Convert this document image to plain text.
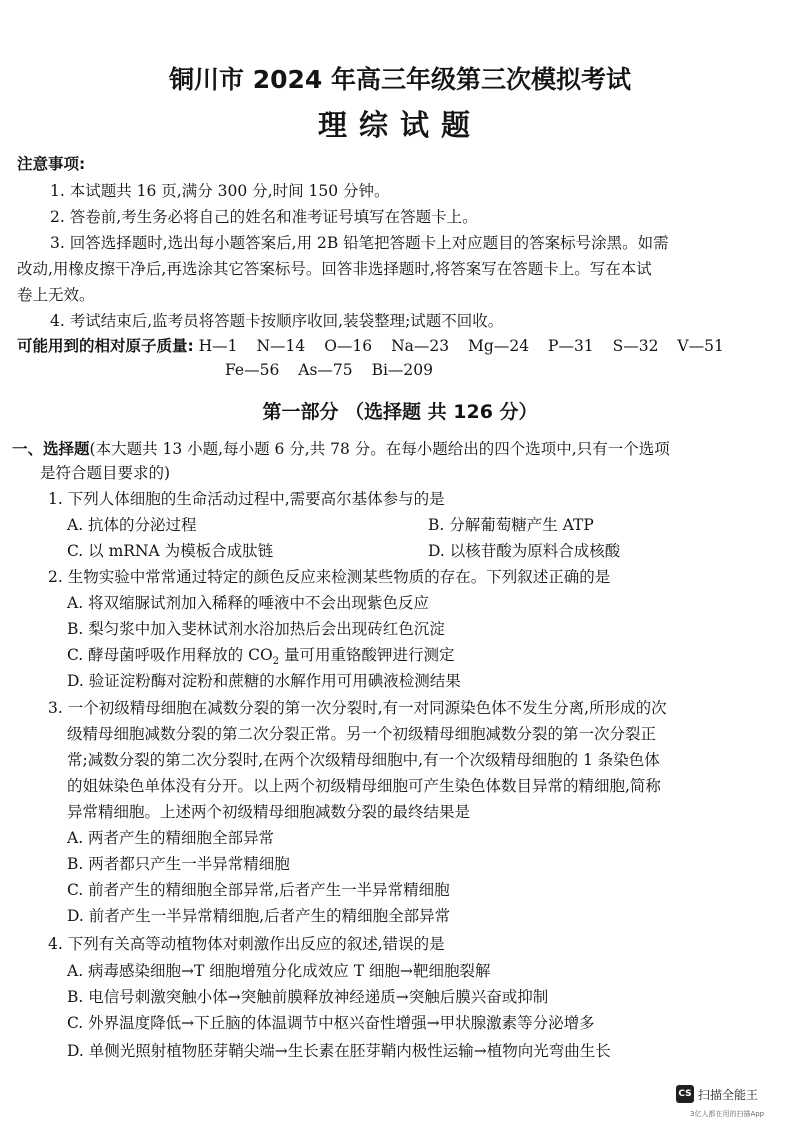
铜川市 2024 年高三年级第三次模拟考试
理综试题
注意事项:
1. 本试题共 16 页,满分 300 分,时间 150 分钟。
2. 答卷前,考生务必将自己的姓名和准考证号填写在答题卡上。
3. 回答选择题时,选出每小题答案后,用 2B 铅笔把答题卡上对应题目的答案标号涂黑。如需
改动,用橡皮擦干净后,再选涂其它答案标号。回答非选择题时,将答案写在答题卡上。写在本试
卷上无效。
4. 考试结束后,监考员将答题卡按顺序收回,装袋整理;试题不回收。
可能用到的相对原子质量: H—1 N—14 O—16 Na—23 Mg—24 P—31 S—32 V—51
Fe—56 As—75 Bi—209
第一部分 （选择题 共 126 分）
一、选择题(本大题共 13 小题,每小题 6 分,共 78 分。在每小题给出的四个选项中,只有一个选项
是符合题目要求的)
1. 下列人体细胞的生命活动过程中,需要高尔基体参与的是
A. 抗体的分泌过程	B. 分解葡萄糖产生 ATP
C. 以 mRNA 为模板合成肽链	D. 以核苷酸为原料合成核酸
2. 生物实验中常常通过特定的颜色反应来检测某些物质的存在。下列叙述正确的是
A. 将双缩脲试剂加入稀释的唾液中不会出现紫色反应
B. 梨匀浆中加入斐林试剂水浴加热后会出现砖红色沉淀
C. 酵母菌呼吸作用释放的 $CO_2$ 量可用重铬酸钾进行测定
D. 验证淀粉酶对淀粉和蔗糖的水解作用可用碘液检测结果
3. 一个初级精母细胞在减数分裂的第一次分裂时,有一对同源染色体不发生分离,所形成的次
级精母细胞减数分裂的第二次分裂正常。另一个初级精母细胞减数分裂的第一次分裂正
常;减数分裂的第二次分裂时,在两个次级精母细胞中,有一个次级精母细胞的 1 条染色体
的姐妹染色单体没有分开。以上两个初级精母细胞可产生染色体数目异常的精细胞,简称
异常精细胞。上述两个初级精母细胞减数分裂的最终结果是
A. 两者产生的精细胞全部异常
B. 两者都只产生一半异常精细胞
C. 前者产生的精细胞全部异常,后者产生一半异常精细胞
D. 前者产生一半异常精细胞,后者产生的精细胞全部异常
4. 下列有关高等动植物体对刺激作出反应的叙述,错误的是
A. 病毒感染细胞→T 细胞增殖分化成效应 T 细胞→靶细胞裂解
B. 电信号刺激突触小体→突触前膜释放神经递质→突触后膜兴奋或抑制
C. 外界温度降低→下丘脑的体温调节中枢兴奋性增强→甲状腺激素等分泌增多
D. 单侧光照射植物胚芽鞘尖端→生长素在胚芽鞘内极性运输→植物向光弯曲生长
CS 扫描全能王
3亿人都在用的扫描App
